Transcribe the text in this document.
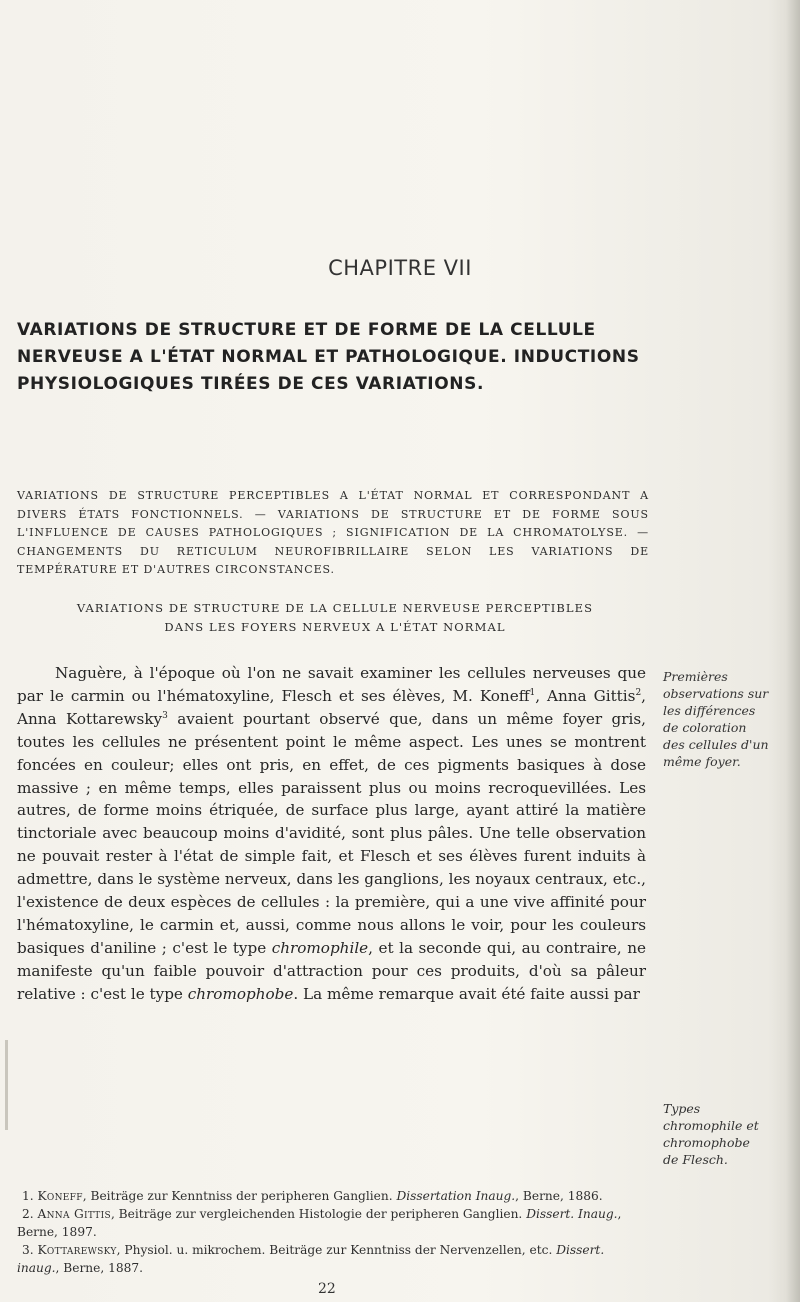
CHAPITRE VII
VARIATIONS DE STRUCTURE ET DE FORME DE LA CELLULE NERVEUSE A L'ÉTAT NORMAL ET PATHOLOGIQUE. INDUCTIONS PHYSIOLOGIQUES TIRÉES DE CES VARIATIONS.
VARIATIONS DE STRUCTURE PERCEPTIBLES A L'ÉTAT NORMAL ET CORRESPONDANT A DIVERS ÉTATS FONCTIONNELS. — VARIATIONS DE STRUCTURE ET DE FORME SOUS L'INFLUENCE DE CAUSES PATHOLOGIQUES ; SIGNIFICATION DE LA CHROMATOLYSE. — CHANGEMENTS DU RETICULUM NEUROFIBRILLAIRE SELON LES VARIATIONS DE TEMPÉRATURE ET D'AUTRES CIRCONSTANCES.
VARIATIONS DE STRUCTURE DE LA CELLULE NERVEUSE PERCEPTIBLES
DANS LES FOYERS NERVEUX A L'ÉTAT NORMAL

Naguère, à l'époque où l'on ne savait examiner les cellules nerveuses que par le carmin ou l'hématoxyline, Flesch et ses élèves, M. Koneff$^1$, Anna Gittis$^2$, Anna Kottarewsky$^3$ avaient pourtant observé que, dans un même foyer gris, toutes les cellules ne présentent point le même aspect. Les unes se montrent foncées en couleur; elles ont pris, en effet, de ces pigments basiques à dose massive ; en même temps, elles paraissent plus ou moins recroquevillées. Les autres, de forme moins étriquée, de surface plus large, ayant attiré la matière tinctoriale avec beaucoup moins d'avidité, sont plus pâles. Une telle observation ne pouvait rester à l'état de simple fait, et Flesch et ses élèves furent induits à admettre, dans le système nerveux, dans les ganglions, les noyaux centraux, etc., l'existence de deux espèces de cellules : la première, qui a une vive affinité pour l'hématoxyline, le carmin et, aussi, comme nous allons le voir, pour les couleurs basiques d'aniline ; c'est le type chromophile, et la seconde qui, au contraire, ne manifeste qu'un faible pouvoir d'attraction pour ces produits, d'où sa pâleur relative : c'est le type chromophobe. La même remarque avait été faite aussi par

Premières observations sur les différences de coloration des cellules d'un même foyer.
Types chromophile et chromophobe de Flesch.

1. Koneff, Beiträge zur Kenntniss der peripheren Ganglien. Dissertation Inaug., Berne, 1886.

2. Anna Gittis, Beiträge zur vergleichenden Histologie der peripheren Ganglien. Dissert. Inaug., Berne, 1897.

3. Kottarewsky, Physiol. u. mikrochem. Beiträge zur Kenntniss der Nervenzellen, etc. Dissert. inaug., Berne, 1887.

22
